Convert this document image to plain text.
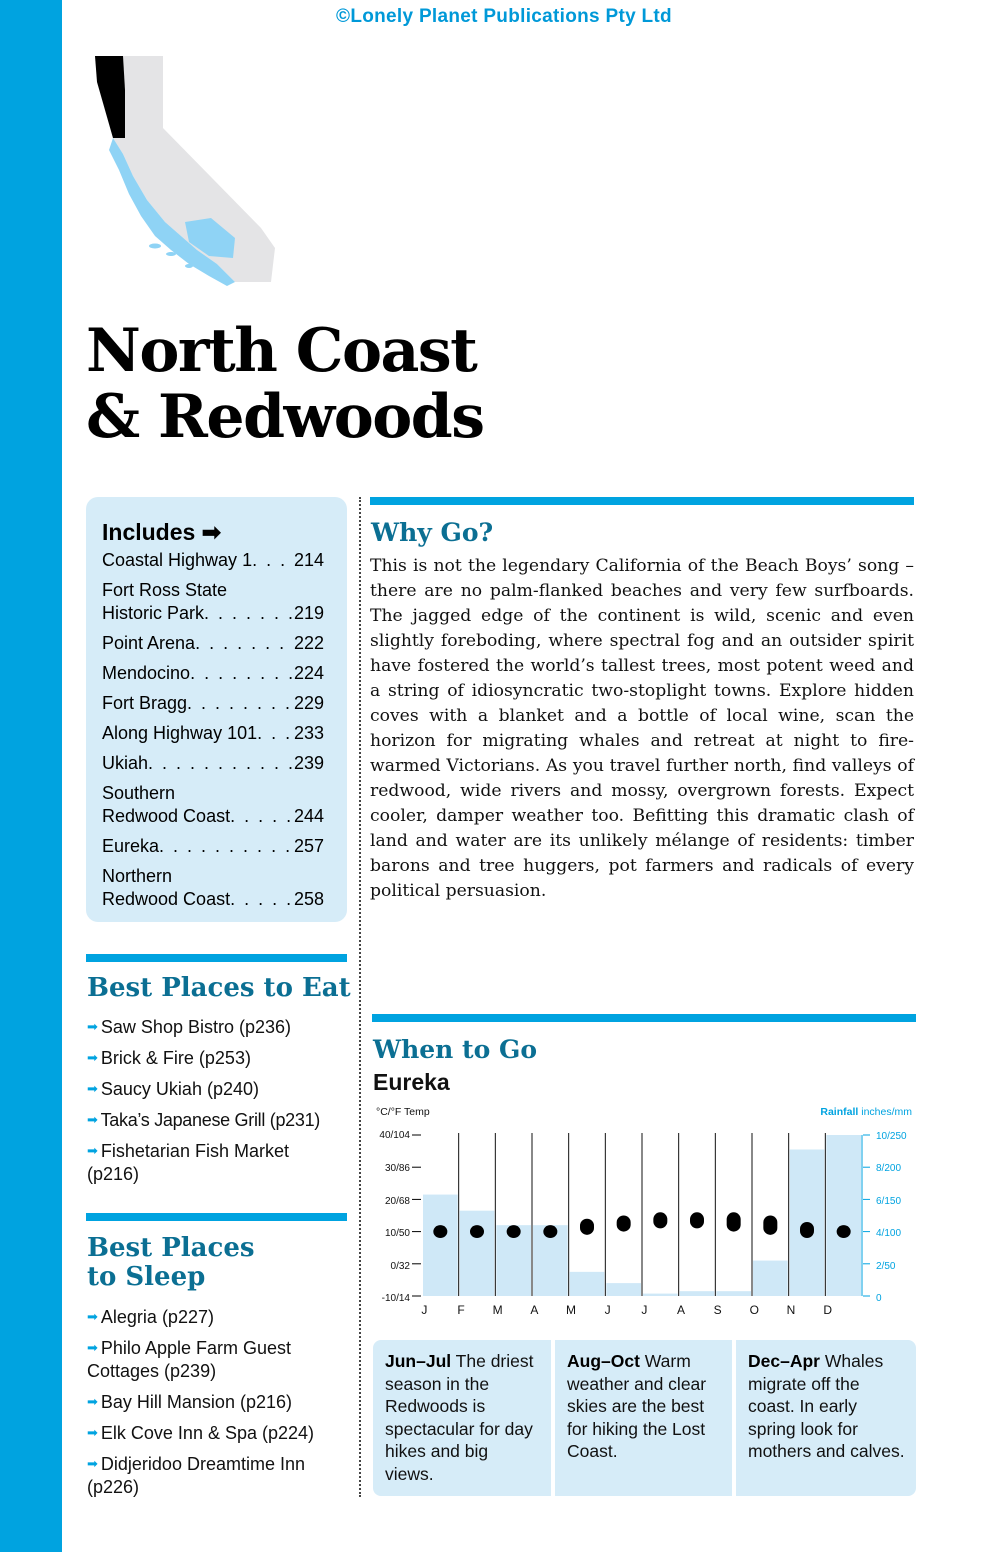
©Lonely Planet Publications Pty Ltd
North Coast
& Redwoods
Includes ➡
Coastal Highway 1 . . . 214
Fort Ross State
Historic Park . . .	219
Point Arena . . .	222
Mendocino . . .	224
Fort Bragg . . .	229
Along Highway 101 . . . 233
Ukiah . . .	239
Southern
Redwood Coast . . .	244
Eureka . . .	257
Northern
Redwood Coast . . .	258
Best Places to Eat
➡ Saw Shop Bistro (p236)
➡ Brick & Fire (p253)
➡ Saucy Ukiah (p240)
➡ Taka’s Japanese Grill (p231)
➡ Fishetarian Fish Market (p216)
Best Places
to Sleep
➡ Alegria (p227)
➡ Philo Apple Farm Guest Cottages (p239)
➡ Bay Hill Mansion (p216)
➡ Elk Cove Inn & Spa (p224)
➡ Didjeridoo Dreamtime Inn (p226)
Why Go?
This is not the legendary California of the Beach Boys’ song – there are no palm-flanked beaches and very few surfboards. The jagged edge of the continent is wild, scenic and even slightly foreboding, where spectral fog and an outsider spirit have fostered the world’s tallest trees, most potent weed and a string of idiosyncratic two-stoplight towns. Explore hidden coves with a blanket and a bottle of local wine, scan the horizon for migrating whales and retreat at night to fire-warmed Victorians. As you travel further north, find valleys of redwood, wide rivers and mossy, overgrown forests. Expect cooler, damper weather too. Befitting this dramatic clash of land and water are its unlikely mélange of residents: timber barons and tree huggers, pot farmers and radicals of every political persuasion.
When to Go
Eureka
°C/°F Temp	Rainfall inches/mm
40/104
30/86
20/68
10/50
0/32
-10/14
10/250
8/200
6/150
4/100
2/50
0
J F M A M J	J A S O N D
Jun–Jul The driest season in the Redwoods is spectacular for day hikes and big views.
Aug–Oct Warm weather and clear skies are the best for hiking the Lost Coast.
Dec–Apr Whales migrate off the coast. In early spring look for mothers and calves.
